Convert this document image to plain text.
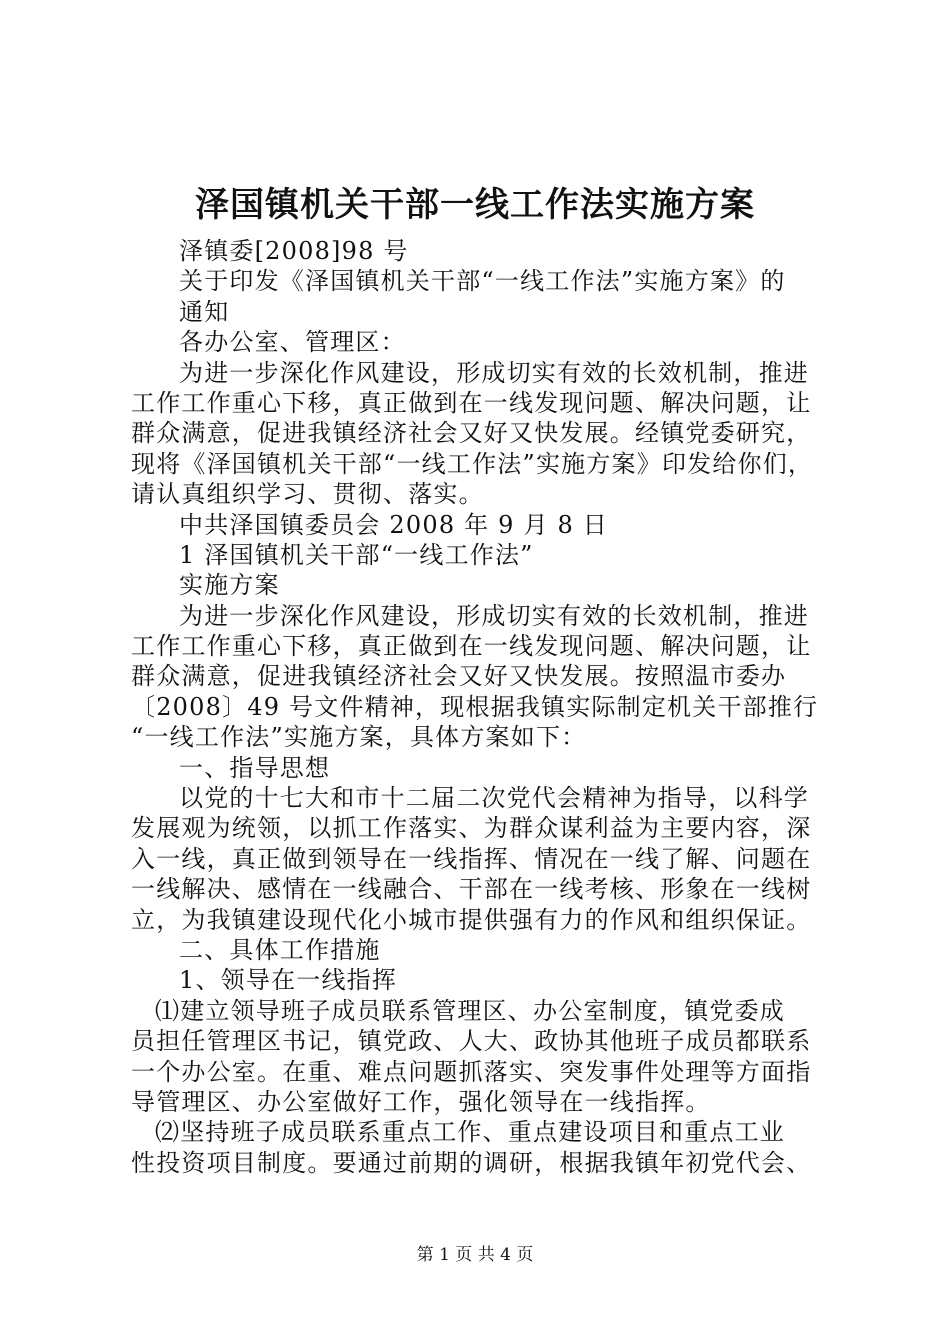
泽国镇机关干部一线工作法实施方案
泽镇委[2008]98 号
关于印发《泽国镇机关干部“一线工作法”实施方案》的
通知
各办公室、管理区：
为进一步深化作风建设，形成切实有效的长效机制，推进
工作工作重心下移，真正做到在一线发现问题、解决问题，让
群众满意，促进我镇经济社会又好又快发展。经镇党委研究，
现将《泽国镇机关干部“一线工作法”实施方案》印发给你们，
请认真组织学习、贯彻、落实。
中共泽国镇委员会 2008 年 9 月 8 日
1 泽国镇机关干部“一线工作法”
实施方案
为进一步深化作风建设，形成切实有效的长效机制，推进
工作工作重心下移，真正做到在一线发现问题、解决问题，让
群众满意，促进我镇经济社会又好又快发展。按照温市委办
〔2008〕49 号文件精神，现根据我镇实际制定机关干部推行
“一线工作法”实施方案，具体方案如下：
一、指导思想
以党的十七大和市十二届二次党代会精神为指导，以科学
发展观为统领，以抓工作落实、为群众谋利益为主要内容，深
入一线，真正做到领导在一线指挥、情况在一线了解、问题在
一线解决、感情在一线融合、干部在一线考核、形象在一线树
立，为我镇建设现代化小城市提供强有力的作风和组织保证。
二、具体工作措施
1、领导在一线指挥
⑴建立领导班子成员联系管理区、办公室制度，镇党委成
员担任管理区书记，镇党政、人大、政协其他班子成员都联系
一个办公室。在重、难点问题抓落实、突发事件处理等方面指
导管理区、办公室做好工作，强化领导在一线指挥。
⑵坚持班子成员联系重点工作、重点建设项目和重点工业
性投资项目制度。要通过前期的调研，根据我镇年初党代会、
第 1 页 共 4 页
